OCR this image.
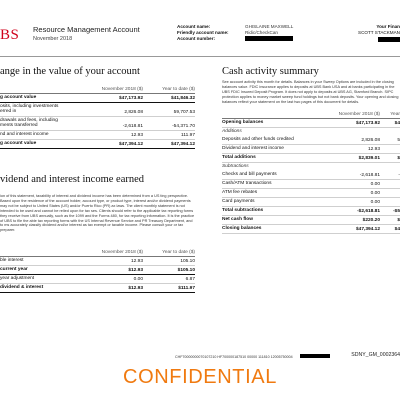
BS Resource Management Account
November 2018
Account name:	GHISLAINE MAXWELL
Friendly account name:	Ridic/CheckCan
Account number:
Your Finan
SCOTT STACKMAN
ange in the value of your account
November 2018 ($)	Year to date ($)
g account value	$47,173.92	$41,846.32
osits, including investments
erred in	2,826.08	59,707.53
drawals and fees, including
ments transferred	-2,618.81	-54,371.70
nd and interest income	12.93	111.97
g account value	$47,394.12	$47,394.12
vidend and interest income earned
ion of this statement, taxability of interest and dividend income has been determined from a US ting perspective. Based upon the residence of the account holder, account type, or product type, interest and/or dividend payments may not be subject to United States (US) and/or Puerto Rico (PR) ax laws. The client monthly statement is not intended to be used and cannot be relied upon for tax ses. Clients should refer to the applicable tax reporting forms they receive from UBS annually, such as the 1099 and the Forms 480, for tax reporting information. It is the practice of UBS to file the able tax reporting forms with the US Internal Revenue Service and PR Treasury Department, and to ms accurately classify dividend and/or interest as tax exempt or taxable income. Please consult your or tax preparer.
November 2018 ($)	Year to date ($)
ble interest	12.93	105.10
current year	$12.93	$105.10
year adjustment	0.00	6.87
dividend & interest	$12.93	$111.97
Cash activity summary
See account activity this month for details. Balances in your Sweep Options are included in the closing balances value. FDIC insurance applies to deposits at UBS Bank USA and at banks participating in the UBS FDIC Insured Deposit Program. It does not apply to deposits at UBS AG, Stamford Branch. SIPC protection applies to money market sweep fund holdings but not bank deposits. Your opening and closing balances reflect your statement on the last two pages of this document for details.
November 2018 ($)	Year
Opening balances	$47,173.92	$4
Additions
Deposits and other funds credited	2,826.08	5
Dividend and interest income	12.93
Total additions	$2,839.01	$
Subtractions
Checks and bill payments	-2,618.81	-
Cash/ATM transactions	0.00
ATM fee rebates	0.00
Card payments	0.00
Total subtractions	-$2,618.81	-$5
Net cash flow	$220.20	$
Closing balances	$47,394.12	$4
CHF70000000070107210 HF700000187510 00000 111810 12005750004	SDNY_GM_0002364
CONFIDENTIAL
